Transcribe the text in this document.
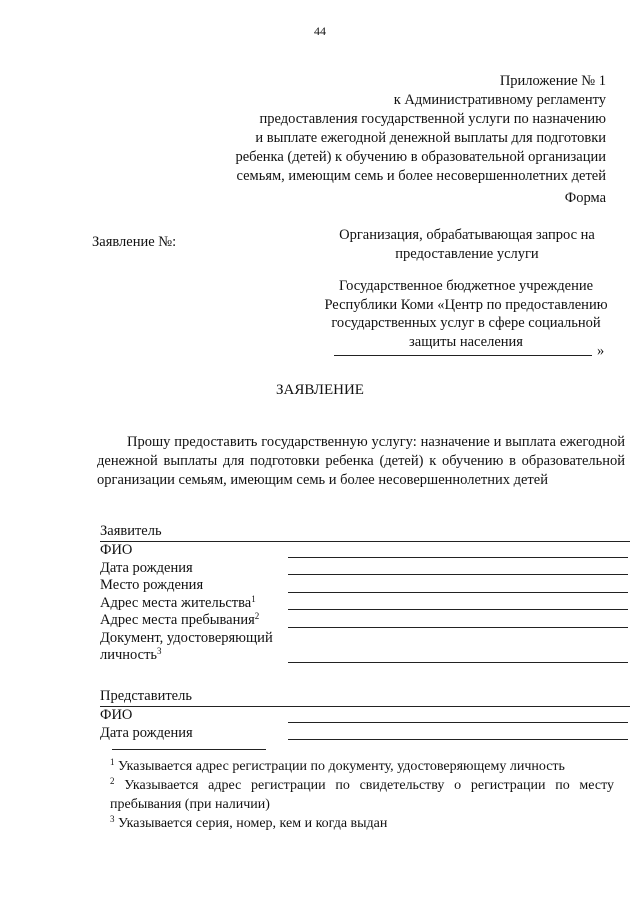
44
Приложение № 1
к Административному регламенту
предоставления государственной услуги по назначению
и выплате ежегодной денежной выплаты для подготовки
ребенка (детей) к обучению в образовательной организации
семьям, имеющим семь и более несовершеннолетних детей
Форма
Заявление №:	Организация, обрабатывающая запрос на
предоставление услуги
Государственное бюджетное учреждение
Республики Коми «Центр по предоставлению
государственных услуг в сфере социальной
защиты населения
»
ЗАЯВЛЕНИЕ

Прошу предоставить государственную услугу: назначение и выплата ежегодной денежной выплаты для подготовки ребенка (детей) к обучению в образовательной организации семьям, имеющим семь и более несовершеннолетних детей

Заявитель
ФИО
Дата рождения
Место рождения
Адрес места жительства$^1$
Адрес места пребывания$^2$
Документ, удостоверяющий
личность$^3$
Представитель
ФИО
Дата рождения

$^1$ Указывается адрес регистрации по документу, удостоверяющему личность

$^2$ Указывается адрес регистрации по свидетельству о регистрации по месту пребывания (при наличии)

$^3$ Указывается серия, номер, кем и когда выдан
